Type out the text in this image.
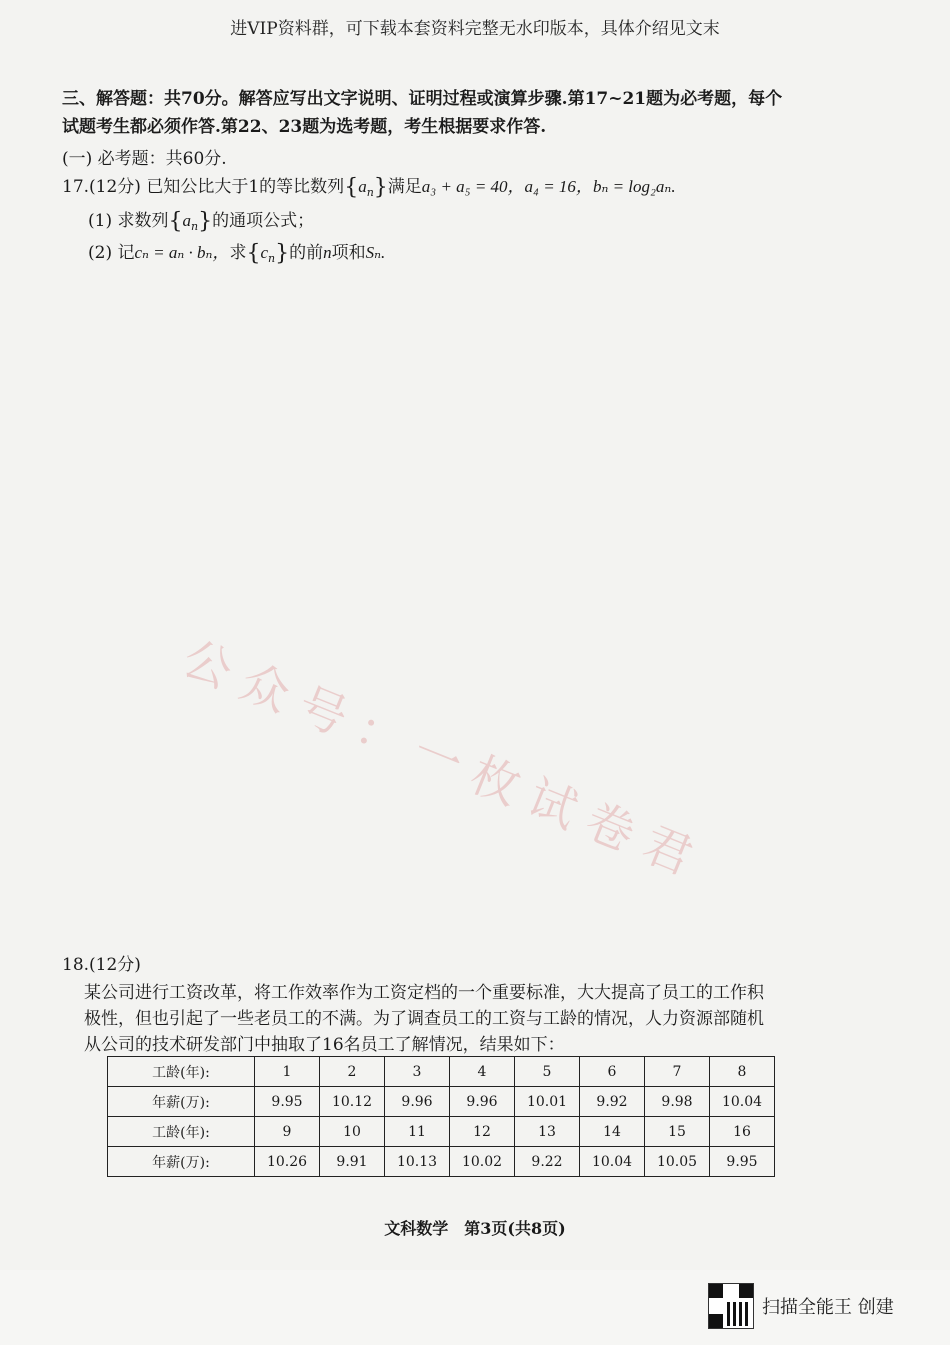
进VIP资料群，可下载本套资料完整无水印版本，具体介绍见文末
三、解答题：共70分。解答应写出文字说明、证明过程或演算步骤.第17~21题为必考题，每个
试题考生都必须作答.第22、23题为选考题，考生根据要求作答.
(一) 必考题：共60分.
17.(12分) 已知公比大于1的等比数列$\{a_n\}$满足a₃ + a₅ = 40，a₄ = 16，bₙ = log₂aₙ.
(1) 求数列$\{a_n\}$的通项公式；
(2) 记cₙ = aₙ · bₙ，求$\{c_n\}$的前n项和Sₙ.
公众号：一枚试卷君
18.(12分)
某公司进行工资改革，将工作效率作为工资定档的一个重要标准，大大提高了员工的工作积
极性，但也引起了一些老员工的不满。为了调查员工的工资与工龄的情况，人力资源部随机
从公司的技术研发部门中抽取了16名员工了解情况，结果如下：
工龄(年):	1	2	3	4	5	6	7	8
年薪(万):	9.95	10.12	9.96	9.96	10.01	9.92	9.98	10.04
工龄(年):	9	10	11	12	13	14	15	16
年薪(万):	10.26	9.91	10.13	10.02	9.22	10.04	10.05	9.95
文科数学　第3页(共8页)
扫描全能王 创建
